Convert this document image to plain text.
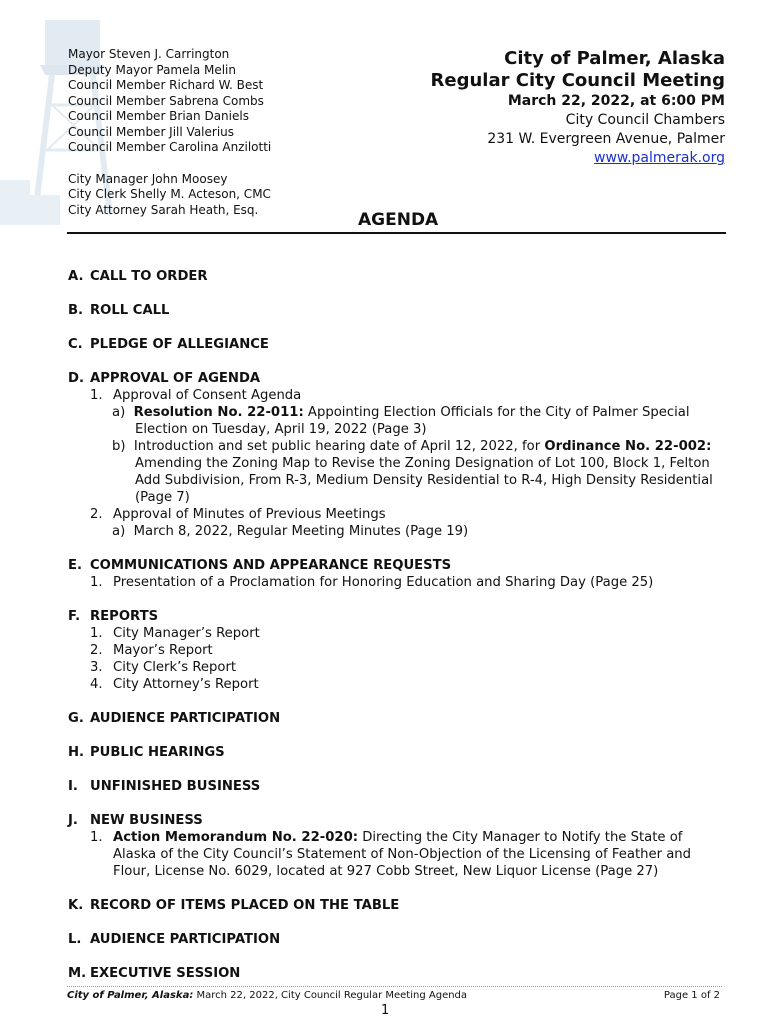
Mayor Steven J. Carrington
Deputy Mayor Pamela Melin
Council Member Richard W. Best
Council Member Sabrena Combs
Council Member Brian Daniels
Council Member Jill Valerius
Council Member Carolina Anzilotti
City Manager John Moosey
City Clerk Shelly M. Acteson, CMC
City Attorney Sarah Heath, Esq.
City of Palmer, Alaska
Regular City Council Meeting
March 22, 2022, at 6:00 PM
City Council Chambers
231 W. Evergreen Avenue, Palmer
www.palmerak.org
AGENDA
A. CALL TO ORDER
B. ROLL CALL
C. PLEDGE OF ALLEGIANCE
D. APPROVAL OF AGENDA
1. Approval of Consent Agenda
a) Resolution No. 22-011: Appointing Election Officials for the City of Palmer Special Election on Tuesday, April 19, 2022 (Page 3)
b) Introduction and set public hearing date of April 12, 2022, for Ordinance No. 22-002: Amending the Zoning Map to Revise the Zoning Designation of Lot 100, Block 1, Felton Add Subdivision, From R-3, Medium Density Residential to R-4, High Density Residential (Page 7)
2. Approval of Minutes of Previous Meetings
a) March 8, 2022, Regular Meeting Minutes (Page 19)
E. COMMUNICATIONS AND APPEARANCE REQUESTS
1. Presentation of a Proclamation for Honoring Education and Sharing Day (Page 25)
F. REPORTS
1. City Manager’s Report
2. Mayor’s Report
3. City Clerk’s Report
4. City Attorney’s Report
G. AUDIENCE PARTICIPATION
H. PUBLIC HEARINGS
I. UNFINISHED BUSINESS
J. NEW BUSINESS
1. Action Memorandum No. 22-020: Directing the City Manager to Notify the State of Alaska of the City Council’s Statement of Non-Objection of the Licensing of Feather and Flour, License No. 6029, located at 927 Cobb Street, New Liquor License (Page 27)
K. RECORD OF ITEMS PLACED ON THE TABLE
L. AUDIENCE PARTICIPATION
M. EXECUTIVE SESSION
City of Palmer, Alaska: March 22, 2022, City Council Regular Meeting Agenda	Page 1 of 2
1
